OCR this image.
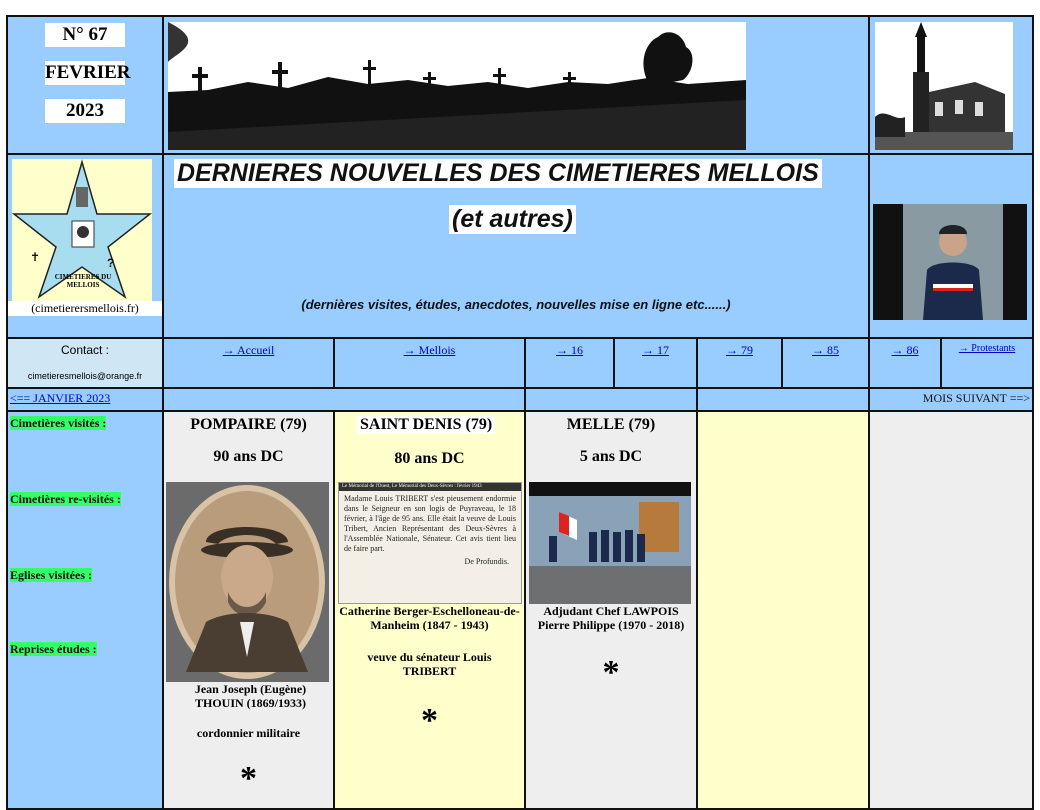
N° 67
FEVRIER
2023
?
✝
CIMETIERES DU MELLOIS
(cimetierersmellois.fr)
DERNIERES NOUVELLES DES CIMETIERES MELLOIS
(et autres)
(dernières visites, études, anecdotes, nouvelles mise en ligne etc......)
Contact :
cimetieresmellois@orange.fr
→ Accueil	→ Mellois	→ 16	→ 17	→ 79	→ 85	→ 86	→ Protestants
<== JANVIER 2023	MOIS SUIVANT ==>
Cimetières visités :
Cimetières re-visités :
Eglises visitées :
Reprises études :
POMPAIRE (79)
90 ans DC
Jean Joseph (Eugène) THOUIN (1869/1933)
cordonnier militaire
*
SAINT DENIS (79)
80 ans DC
Le Mémorial de l'Ouest, Le Mémorial des Deux-Sèvres : février 1943
Madame Louis TRIBERT s'est pieusement endormie dans le Seigneur en son logis de Puyraveau, le 18 février, à l'âge de 95 ans. Elle était la veuve de Louis Tribert, Ancien Représentant des Deux-Sèvres à l'Assemblée Nationale, Sénateur. Cet avis tient lieu de faire part.
De Profundis.
Catherine Berger-Eschelloneau-de-Manheim (1847 - 1943)
veuve du sénateur Louis TRIBERT
*
MELLE (79)
5 ans DC
Adjudant Chef LAWPOIS Pierre Philippe (1970 - 2018)
*
